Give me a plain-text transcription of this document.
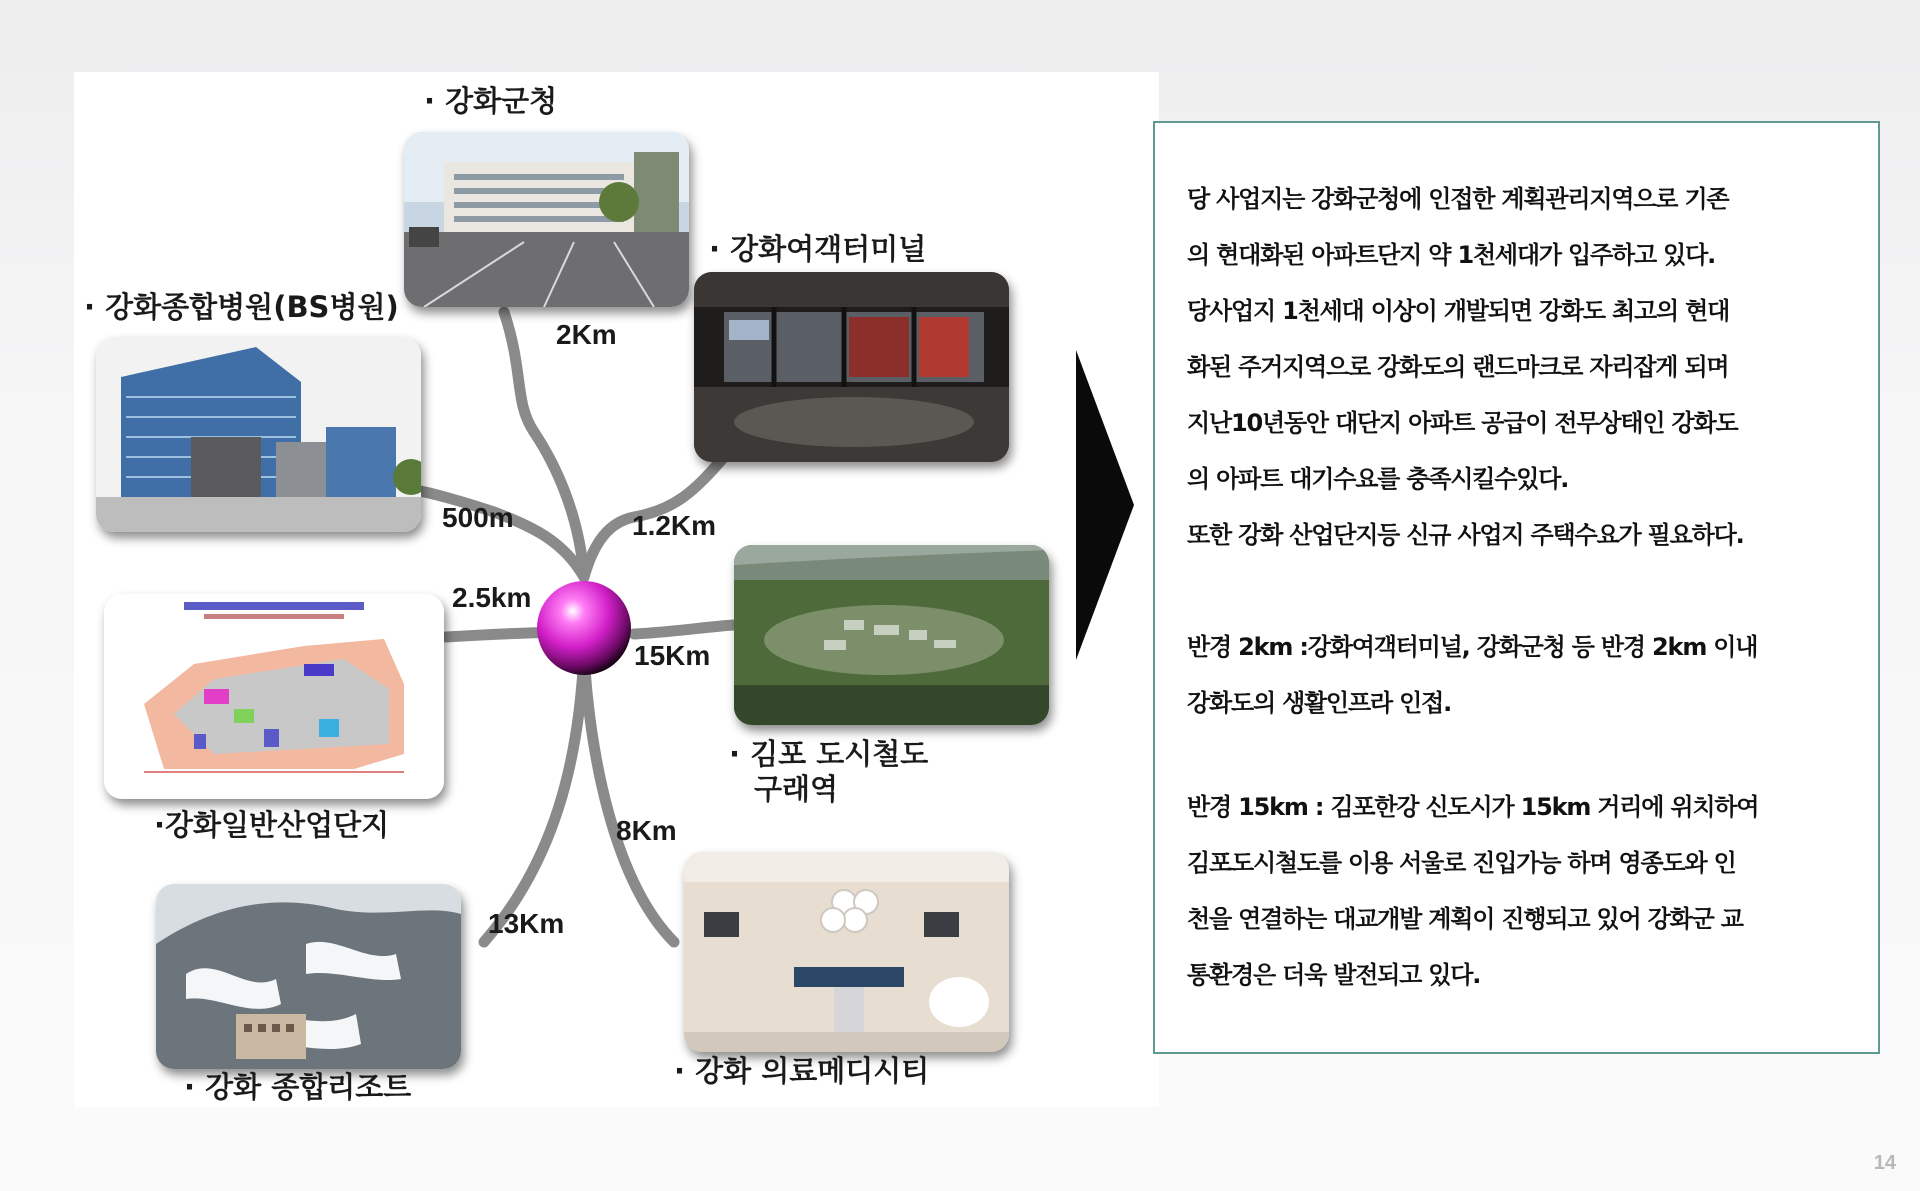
· 강화군청
· 강화여객터미널
· 강화종합병원(BS병원)
·강화일반산업단지
· 김포 도시철도
구래역
· 강화 종합리조트	· 강화 의료메디시티
2Km
1.2Km
500m
2.5km
15Km
8Km
13Km
당 사업지는 강화군청에 인접한 계획관리지역으로 기존
의 현대화된 아파트단지 약 1천세대가 입주하고 있다.
당사업지 1천세대 이상이 개발되면 강화도 최고의 현대
화된 주거지역으로 강화도의 랜드마크로 자리잡게 되며
지난10년동안 대단지 아파트 공급이 전무상태인 강화도
의 아파트 대기수요를 충족시킬수있다.
또한 강화 산업단지등 신규 사업지 주택수요가 필요하다.
반경 2km :강화여객터미널, 강화군청 등 반경 2km 이내
강화도의 생활인프라 인접.
반경 15km : 김포한강 신도시가 15km 거리에 위치하여
김포도시철도를 이용 서울로 진입가능 하며 영종도와 인
천을 연결하는 대교개발 계획이 진행되고 있어 강화군 교
통환경은 더욱 발전되고 있다.
14
